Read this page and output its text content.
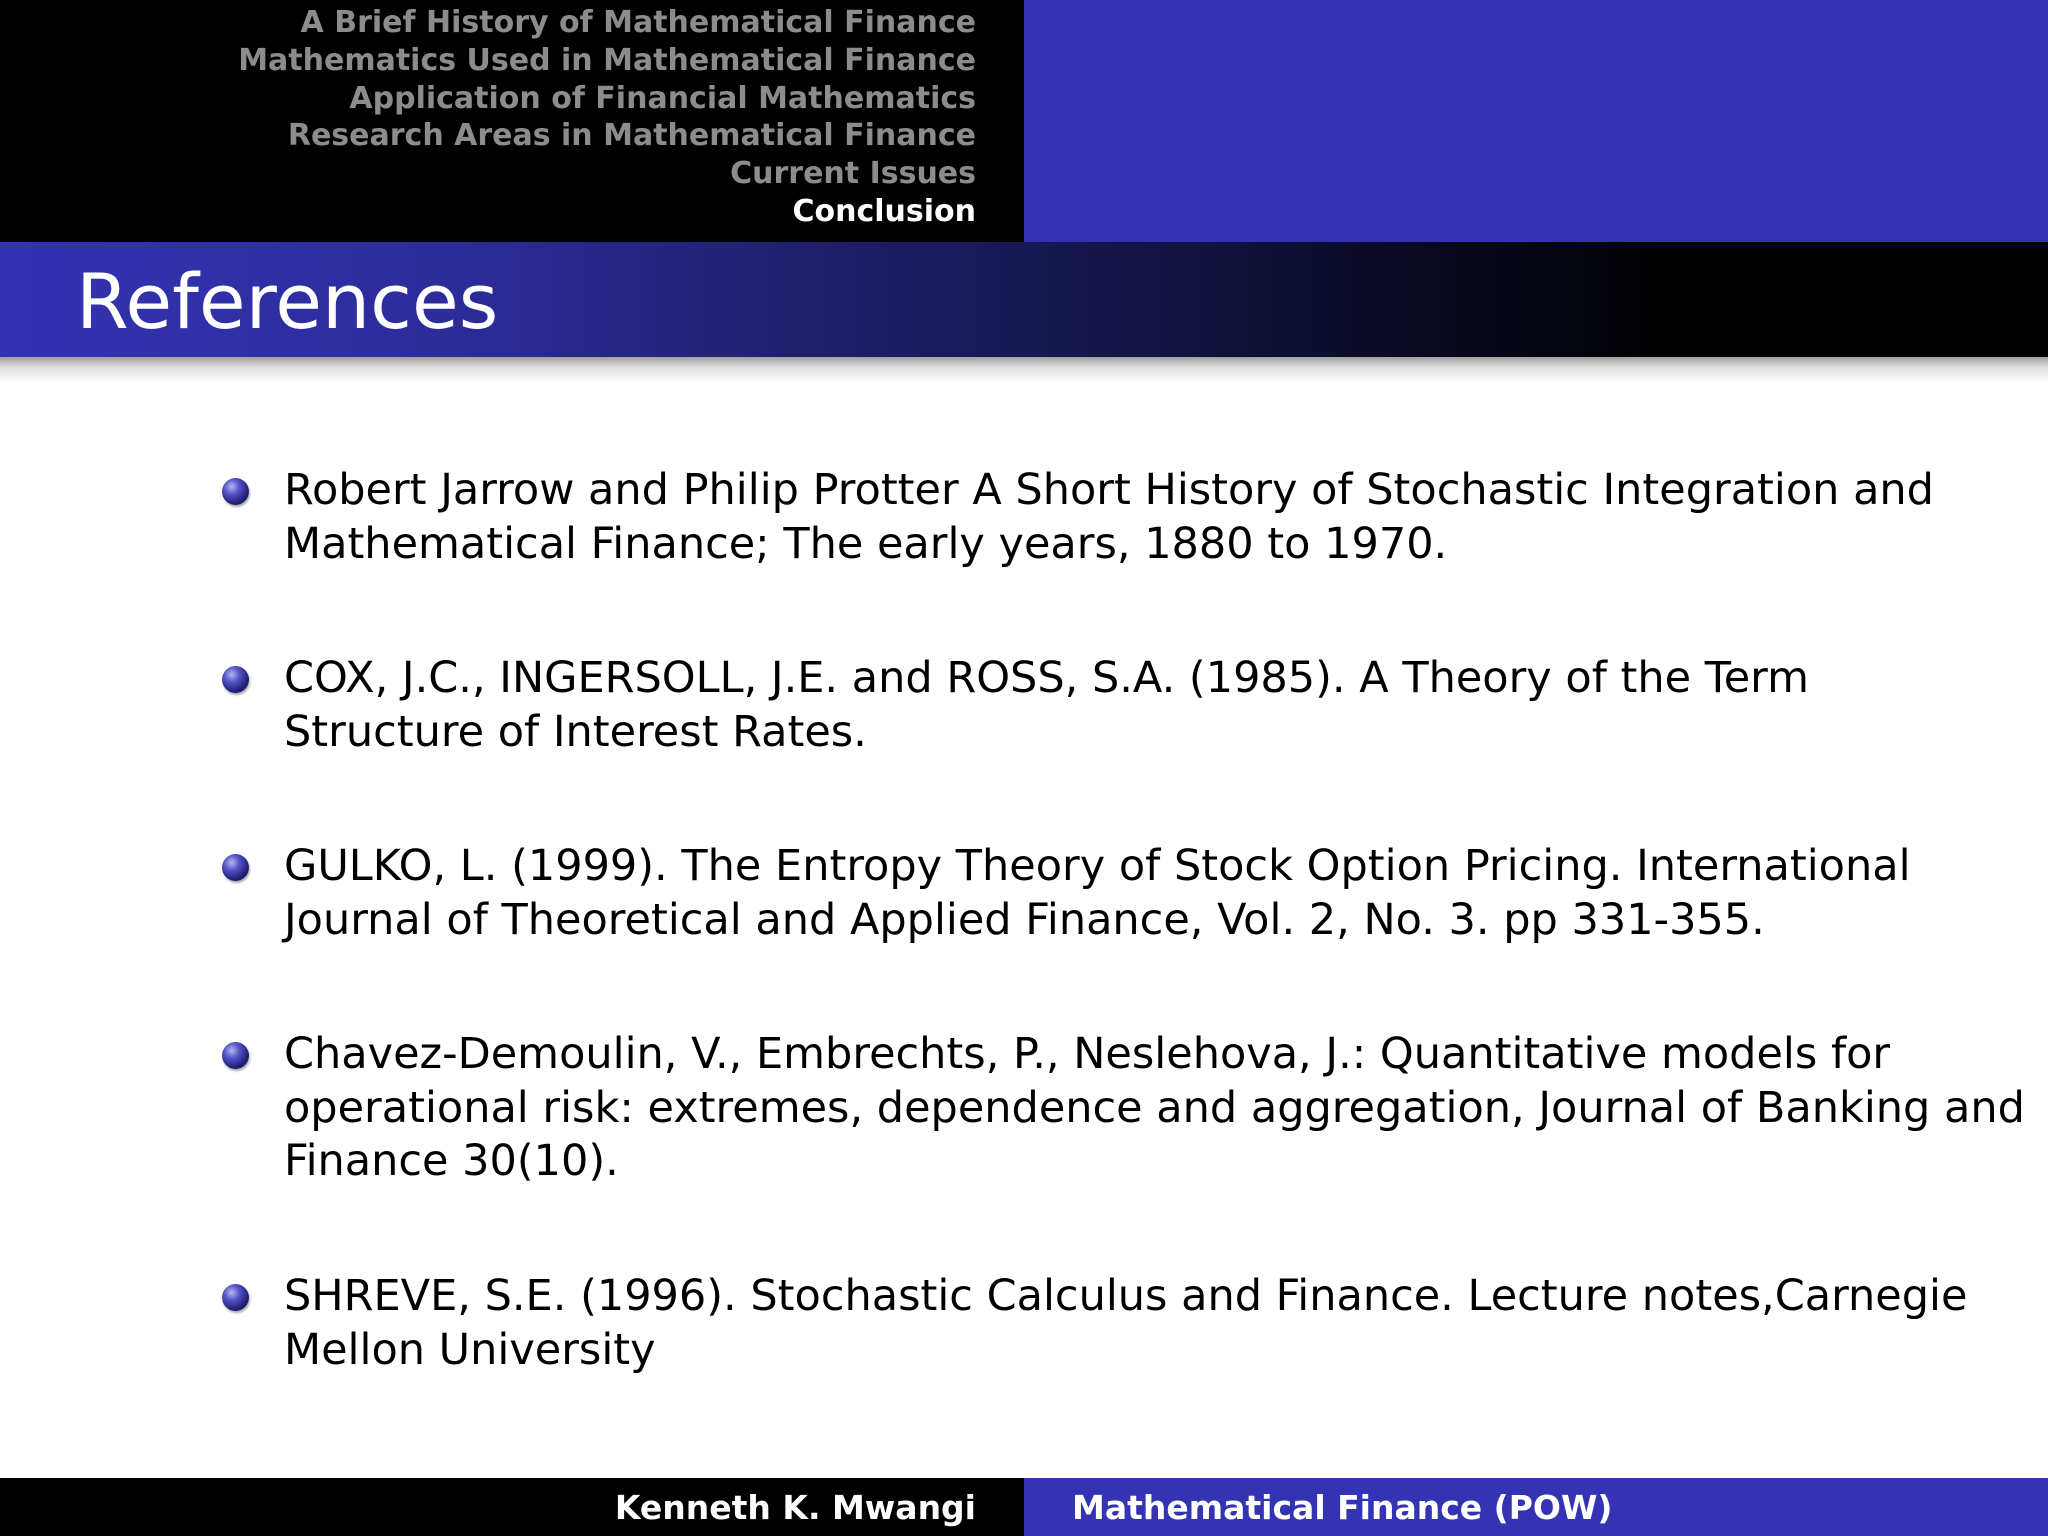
A Brief History of Mathematical Finance
Mathematics Used in Mathematical Finance
Application of Financial Mathematics
Research Areas in Mathematical Finance
Current Issues
Conclusion
References
Robert Jarrow and Philip Protter A Short History of Stochastic Integration and
Mathematical Finance; The early years, 1880 to 1970.
COX, J.C., INGERSOLL, J.E. and ROSS, S.A. (1985). A Theory of the Term
Structure of Interest Rates.
GULKO, L. (1999). The Entropy Theory of Stock Option Pricing. International
Journal of Theoretical and Applied Finance, Vol. 2, No. 3. pp 331-355.
Chavez-Demoulin, V., Embrechts, P., Neslehova, J.: Quantitative models for
operational risk: extremes, dependence and aggregation, Journal of Banking and
Finance 30(10).
SHREVE, S.E. (1996). Stochastic Calculus and Finance. Lecture notes,Carnegie
Mellon University
Kenneth K. Mwangi	Mathematical Finance (POW)
